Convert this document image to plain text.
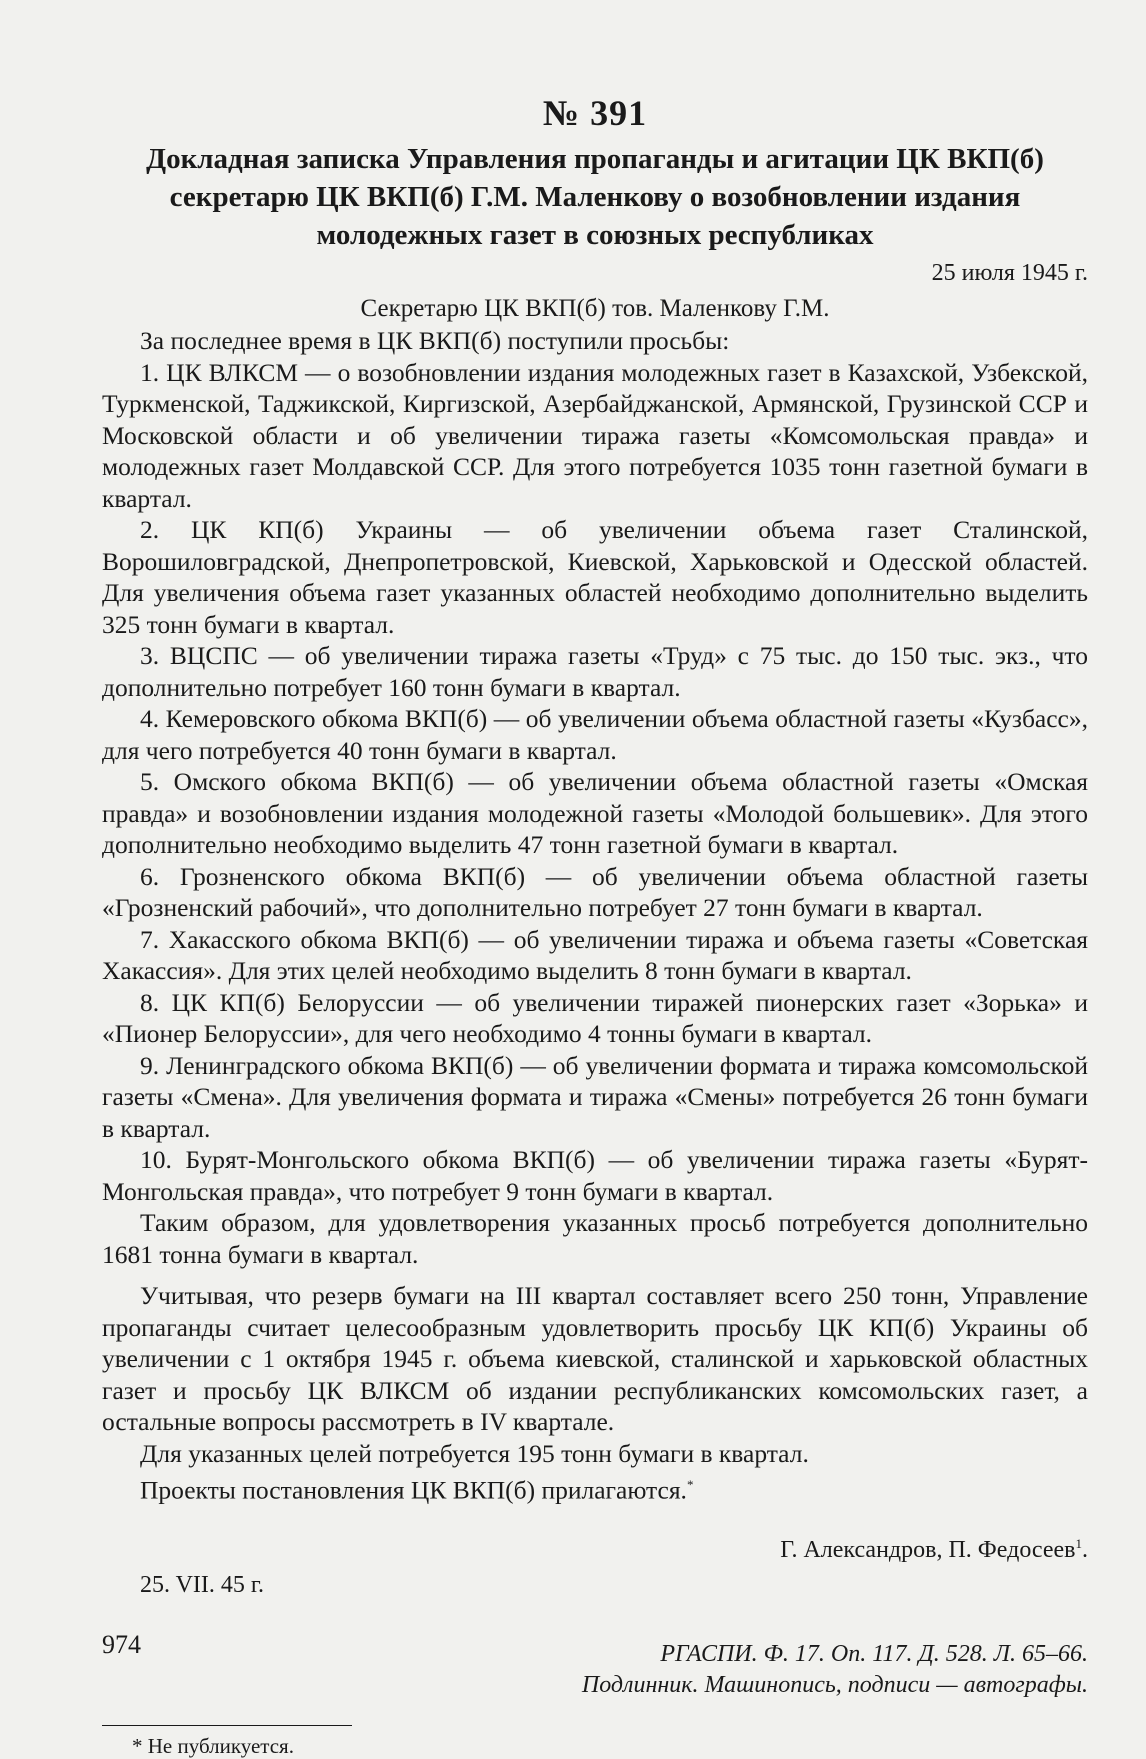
№ 391
Докладная записка Управления пропаганды и агитации ЦК ВКП(б) секретарю ЦК ВКП(б) Г.М. Маленкову о возобновлении издания молодежных газет в союзных республиках
25 июля 1945 г.
Секретарю ЦК ВКП(б) тов. Маленкову Г.М.

За последнее время в ЦК ВКП(б) поступили просьбы:

1. ЦК ВЛКСМ — о возобновлении издания молодежных газет в Казахской, Узбекской, Туркменской, Таджикской, Киргизской, Азербайджанской, Армянской, Грузинской ССР и Московской области и об увеличении тиража газеты «Комсомольская правда» и молодежных газет Молдавской ССР. Для этого потребуется 1035 тонн газетной бумаги в квартал.

2. ЦК КП(б) Украины — об увеличении объема газет Сталинской, Ворошиловградской, Днепропетровской, Киевской, Харьковской и Одесской областей. Для увеличения объема газет указанных областей необходимо дополнительно выделить 325 тонн бумаги в квартал.

3. ВЦСПС — об увеличении тиража газеты «Труд» с 75 тыс. до 150 тыс. экз., что дополнительно потребует 160 тонн бумаги в квартал.

4. Кемеровского обкома ВКП(б) — об увеличении объема областной газеты «Кузбасс», для чего потребуется 40 тонн бумаги в квартал.

5. Омского обкома ВКП(б) — об увеличении объема областной газеты «Омская правда» и возобновлении издания молодежной газеты «Молодой большевик». Для этого дополнительно необходимо выделить 47 тонн газетной бумаги в квартал.

6. Грозненского обкома ВКП(б) — об увеличении объема областной газеты «Грозненский рабочий», что дополнительно потребует 27 тонн бумаги в квартал.

7. Хакасского обкома ВКП(б) — об увеличении тиража и объема газеты «Советская Хакассия». Для этих целей необходимо выделить 8 тонн бумаги в квартал.

8. ЦК КП(б) Белоруссии — об увеличении тиражей пионерских газет «Зорька» и «Пионер Белоруссии», для чего необходимо 4 тонны бумаги в квартал.

9. Ленинградского обкома ВКП(б) — об увеличении формата и тиража комсомольской газеты «Смена». Для увеличения формата и тиража «Смены» потребуется 26 тонн бумаги в квартал.

10. Бурят-Монгольского обкома ВКП(б) — об увеличении тиража газеты «Бурят-Монгольская правда», что потребует 9 тонн бумаги в квартал.

Таким образом, для удовлетворения указанных просьб потребуется дополнительно 1681 тонна бумаги в квартал.

Учитывая, что резерв бумаги на III квартал составляет всего 250 тонн, Управление пропаганды считает целесообразным удовлетворить просьбу ЦК КП(б) Украины об увеличении с 1 октября 1945 г. объема киевской, сталинской и харьковской областных газет и просьбу ЦК ВЛКСМ об издании республиканских комсомольских газет, а остальные вопросы рассмотреть в IV квартале.

Для указанных целей потребуется 195 тонн бумаги в квартал.

Проекты постановления ЦК ВКП(б) прилагаются.*

Г. Александров, П. Федосеев$^1$.
25. VII. 45 г.
РГАСПИ. Ф. 17. Оп. 117. Д. 528. Л. 65–66.
Подлинник. Машинопись, подписи — автографы.
* Не публикуется.
974
